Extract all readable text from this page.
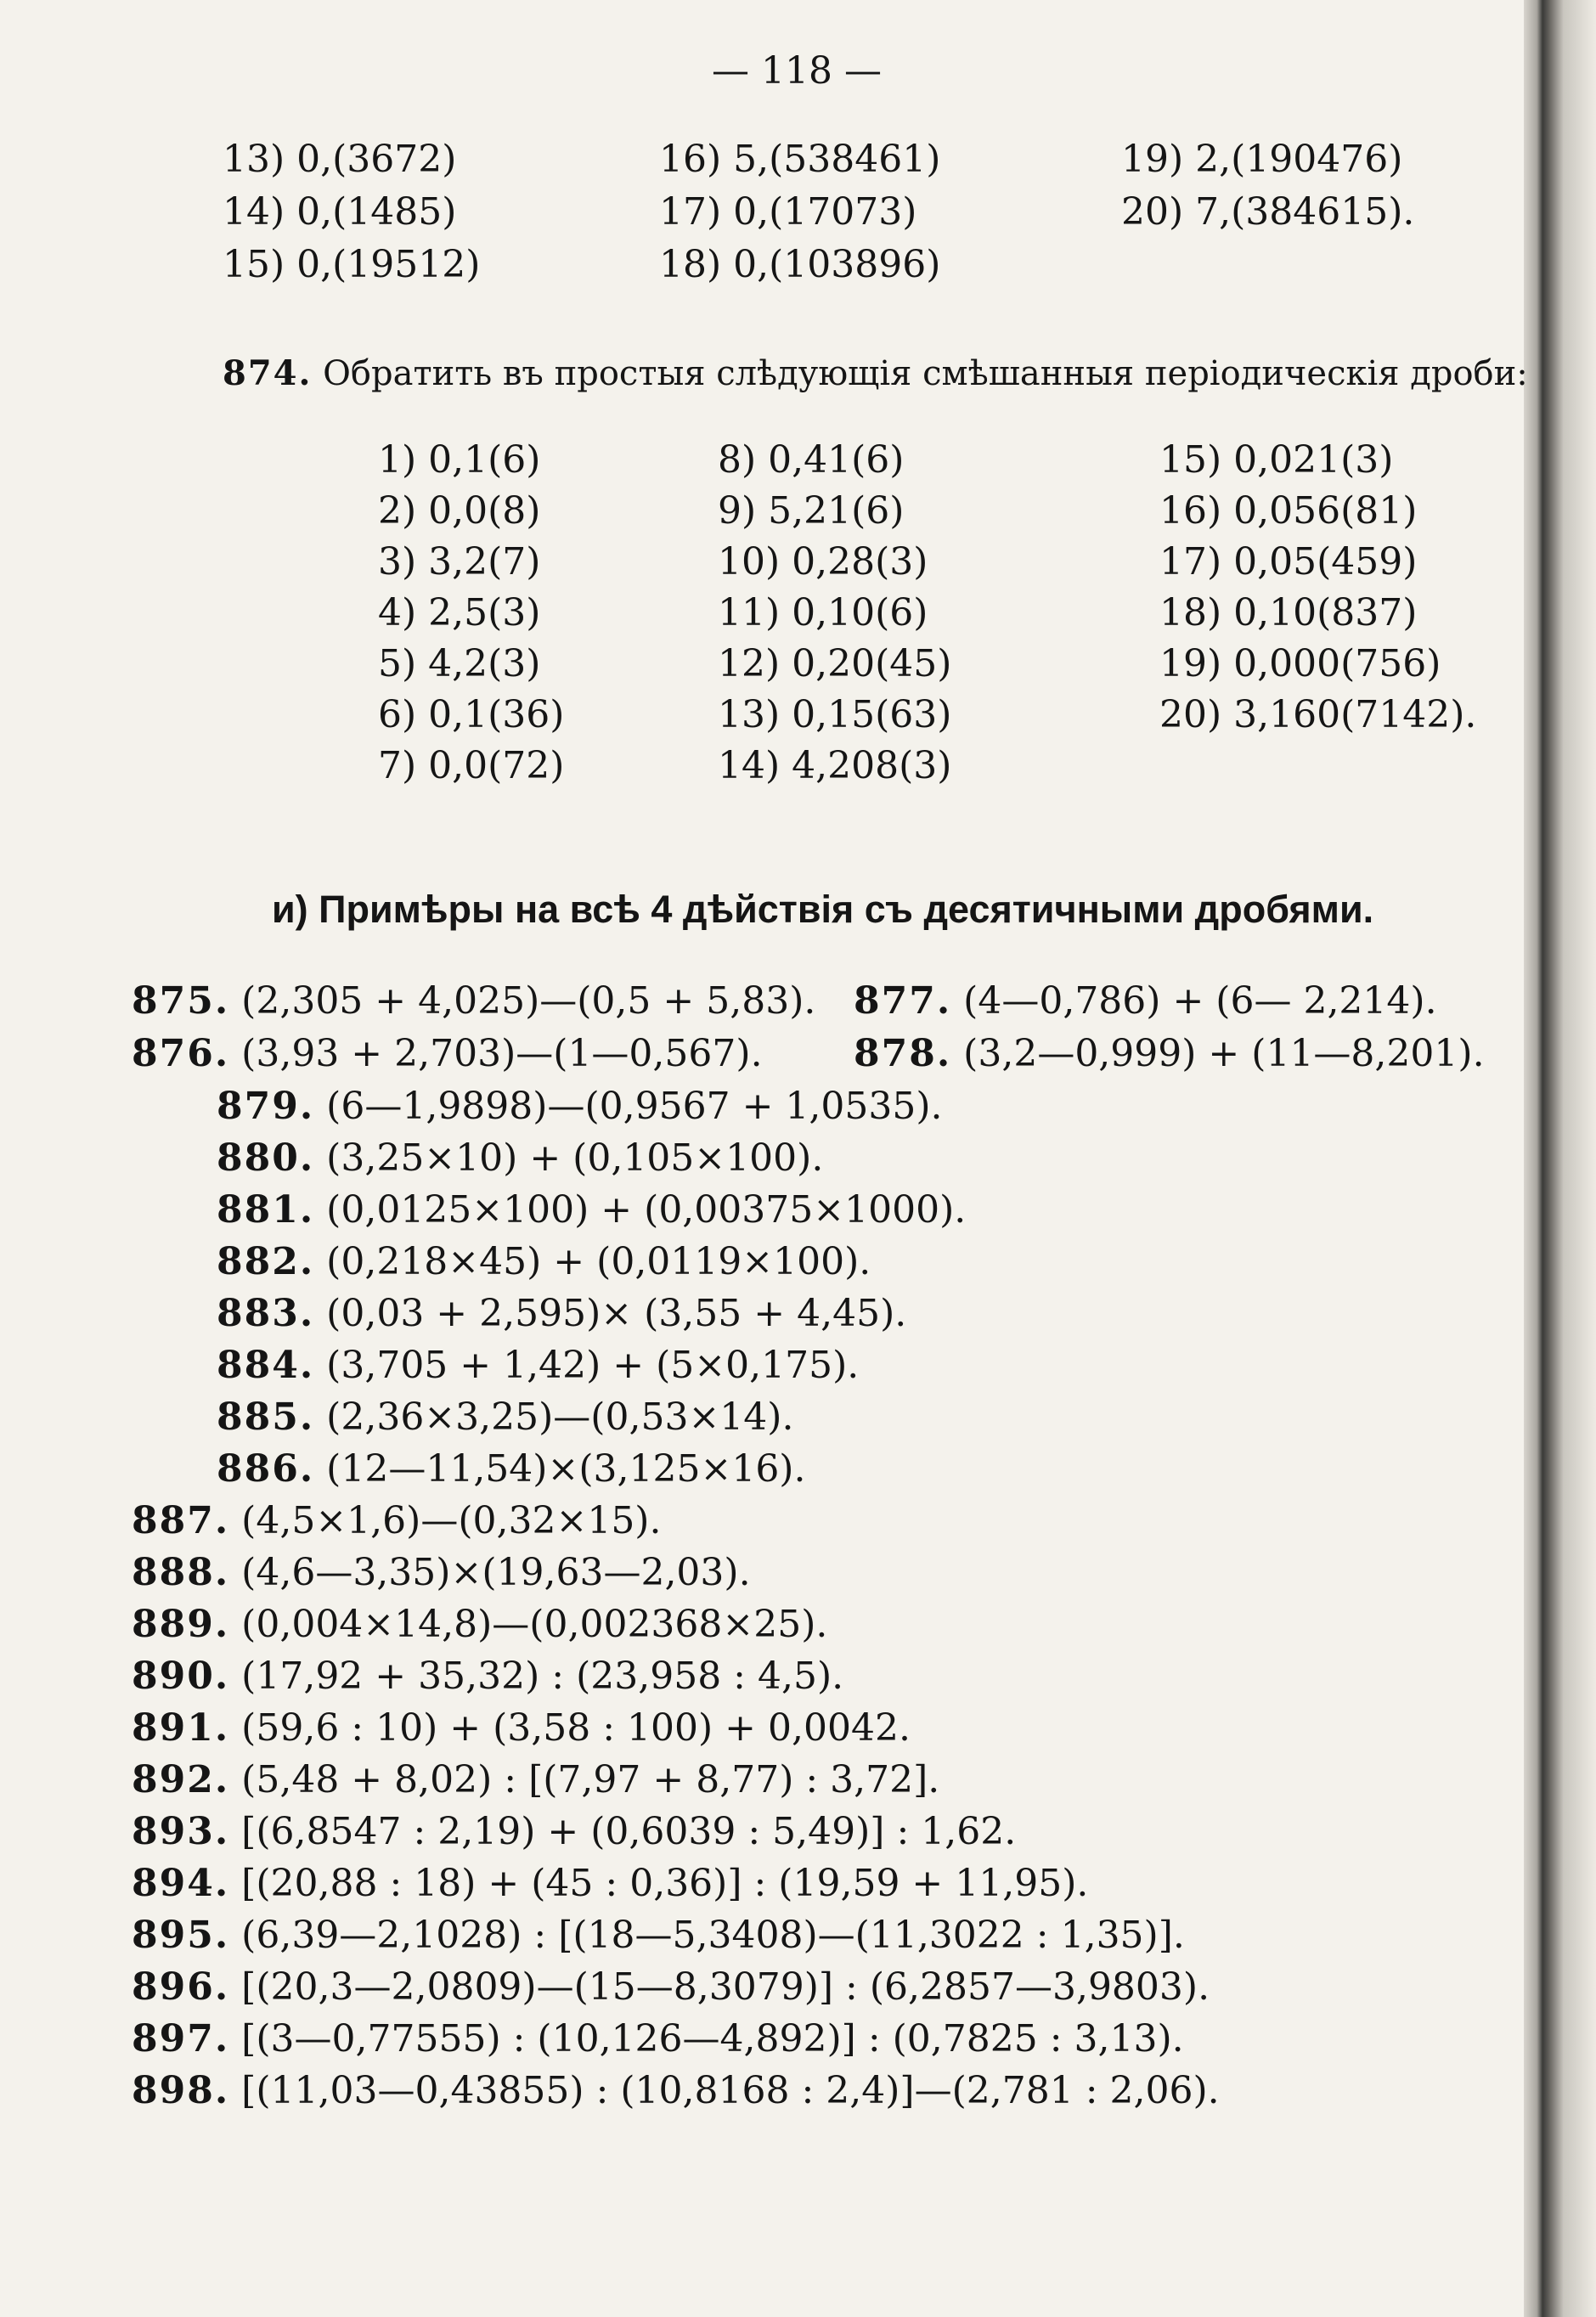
— 118 —
13) 0,(3672)	16) 5,(538461)	19) 2,(190476)
14) 0,(1485)	17) 0,(17073)	20) 7,(384615).
15) 0,(19512)	18) 0,(103896)
874. Обратить въ простыя слѣдующія смѣшанныя періодическія дроби:
1) 0,1(6)
2) 0,0(8)
3) 3,2(7)
4) 2,5(3)
5) 4,2(3)
6) 0,1(36)
7) 0,0(72)
8) 0,41(6)
9) 5,21(6)
10) 0,28(3)
11) 0,10(6)
12) 0,20(45)
13) 0,15(63)
14) 4,208(3)
15) 0,021(3)
16) 0,056(81)
17) 0,05(459)
18) 0,10(837)
19) 0,000(756)
20) 3,160(7142).
и) Примѣры на всѣ 4 дѣйствія съ десятичными дробями.
875. (2,305 + 4,025)—(0,5 + 5,83). 877. (4—0,786) + (6— 2,214).
876. (3,93 + 2,703)—(1—0,567). 878. (3,2—0,999) + (11—8,201).
879. (6—1,9898)—(0,9567 + 1,0535).
880. (3,25×10) + (0,105×100).
881. (0,0125×100) + (0,00375×1000).
882. (0,218×45) + (0,0119×100).
883. (0,03 + 2,595)× (3,55 + 4,45).
884. (3,705 + 1,42) + (5×0,175).
885. (2,36×3,25)—(0,53×14).
886. (12—11,54)×(3,125×16).
887. (4,5×1,6)—(0,32×15).
888. (4,6—3,35)×(19,63—2,03).
889. (0,004×14,8)—(0,002368×25).
890. (17,92 + 35,32) : (23,958 : 4,5).
891. (59,6 : 10) + (3,58 : 100) + 0,0042.
892. (5,48 + 8,02) : [(7,97 + 8,77) : 3,72].
893. [(6,8547 : 2,19) + (0,6039 : 5,49)] : 1,62.
894. [(20,88 : 18) + (45 : 0,36)] : (19,59 + 11,95).
895. (6,39—2,1028) : [(18—5,3408)—(11,3022 : 1,35)].
896. [(20,3—2,0809)—(15—8,3079)] : (6,2857—3,9803).
897. [(3—0,77555) : (10,126—4,892)] : (0,7825 : 3,13).
898. [(11,03—0,43855) : (10,8168 : 2,4)]—(2,781 : 2,06).
